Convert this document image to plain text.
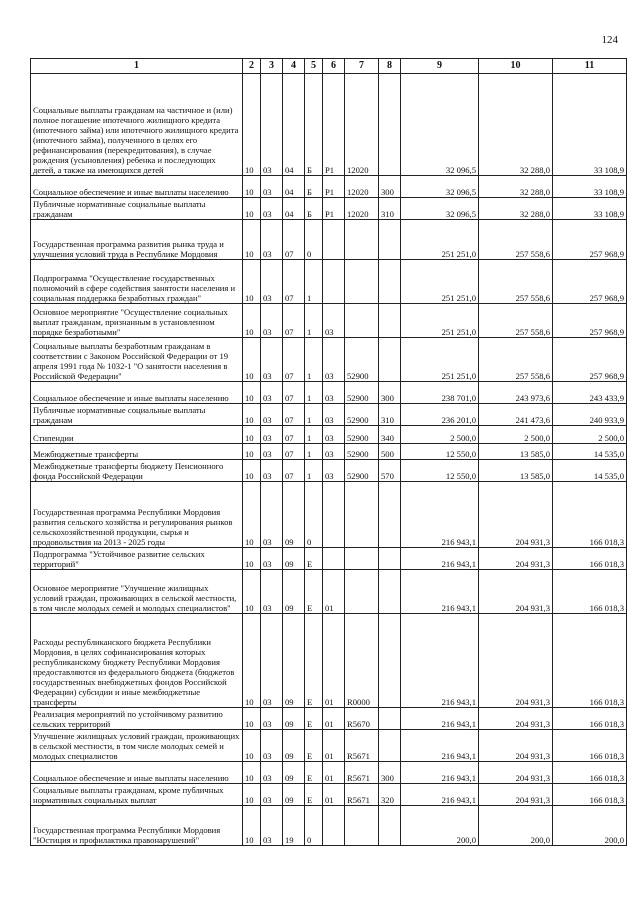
124
1	2	3	4	5	6	7	8	9	10	11
Социальные выплаты гражданам на частичное и (или) полное погашение ипотечного жилищного кредита (ипотечного займа) или ипотечного жилищного кредита (ипотечного займа), полученного в целях его рефинансирования (перекредитования), в случае рождения (усыновления) ребенка и последующих детей, а также на имеющихся детей	10	03	04	Б	Р1	12020		32 096,5	32 288,0	33 108,9
Социальное обеспечение и иные выплаты населению	10	03	04	Б	Р1	12020	300	32 096,5	32 288,0	33 108,9
Публичные нормативные социальные выплаты гражданам	10	03	04	Б	Р1	12020	310	32 096,5	32 288,0	33 108,9
Государственная программа развития рынка труда и улучшения условий труда в Республике Мордовия	10	03	07	0				251 251,0	257 558,6	257 968,9
Подпрограмма "Осуществление государственных полномочий в сфере содействия занятости населения и социальная поддержка безработных граждан"	10	03	07	1				251 251,0	257 558,6	257 968,9
Основное мероприятие "Осуществление социальных выплат гражданам, признанным в установленном порядке безработными"	10	03	07	1	03			251 251,0	257 558,6	257 968,9
Социальные выплаты безработным гражданам в соответствии с Законом Российской Федерации от 19 апреля 1991 года № 1032-1 "О занятости населения в Российской Федерации"	10	03	07	1	03	52900		251 251,0	257 558,6	257 968,9
Социальное обеспечение и иные выплаты населению	10	03	07	1	03	52900	300	238 701,0	243 973,6	243 433,9
Публичные нормативные социальные выплаты гражданам	10	03	07	1	03	52900	310	236 201,0	241 473,6	240 933,9
Стипендии	10	03	07	1	03	52900	340	2 500,0	2 500,0	2 500,0
Межбюджетные трансферты	10	03	07	1	03	52900	500	12 550,0	13 585,0	14 535,0
Межбюджетные трансферты бюджету Пенсионного фонда Российской Федерации	10	03	07	1	03	52900	570	12 550,0	13 585,0	14 535,0
Государственная программа Республики Мордовия развития сельского хозяйства и регулирования рынков сельскохозяйственной продукции, сырья и продовольствия на 2013 - 2025 годы	10	03	09	0				216 943,1	204 931,3	166 018,3
Подпрограмма "Устойчивое развитие сельских территорий"	10	03	09	Е				216 943,1	204 931,3	166 018,3
Основное мероприятие "Улучшение жилищных условий граждан, проживающих в сельской местности, в том числе молодых семей и молодых специалистов"	10	03	09	Е	01			216 943,1	204 931,3	166 018,3
Расходы республиканского бюджета Республики Мордовия, в целях софинансирования которых республиканскому бюджету Республики Мордовия предоставляются из федерального бюджета (бюджетов государственных внебюджетных фондов Российской Федерации) субсидии и иные межбюджетные трансферты	10	03	09	Е	01	R0000		216 943,1	204 931,3	166 018,3
Реализация мероприятий по устойчивому развитию сельских территорий	10	03	09	Е	01	R5670		216 943,1	204 931,3	166 018,3
Улучшение жилищных условий граждан, проживающих в сельской местности, в том числе молодых семей и молодых специалистов	10	03	09	Е	01	R5671		216 943,1	204 931,3	166 018,3
Социальное обеспечение и иные выплаты населению	10	03	09	Е	01	R5671	300	216 943,1	204 931,3	166 018,3
Социальные выплаты гражданам, кроме публичных нормативных социальных выплат	10	03	09	Е	01	R5671	320	216 943,1	204 931,3	166 018,3
Государственная программа Республики Мордовия "Юстиция и профилактика правонарушений"	10	03	19	0				200,0	200,0	200,0
